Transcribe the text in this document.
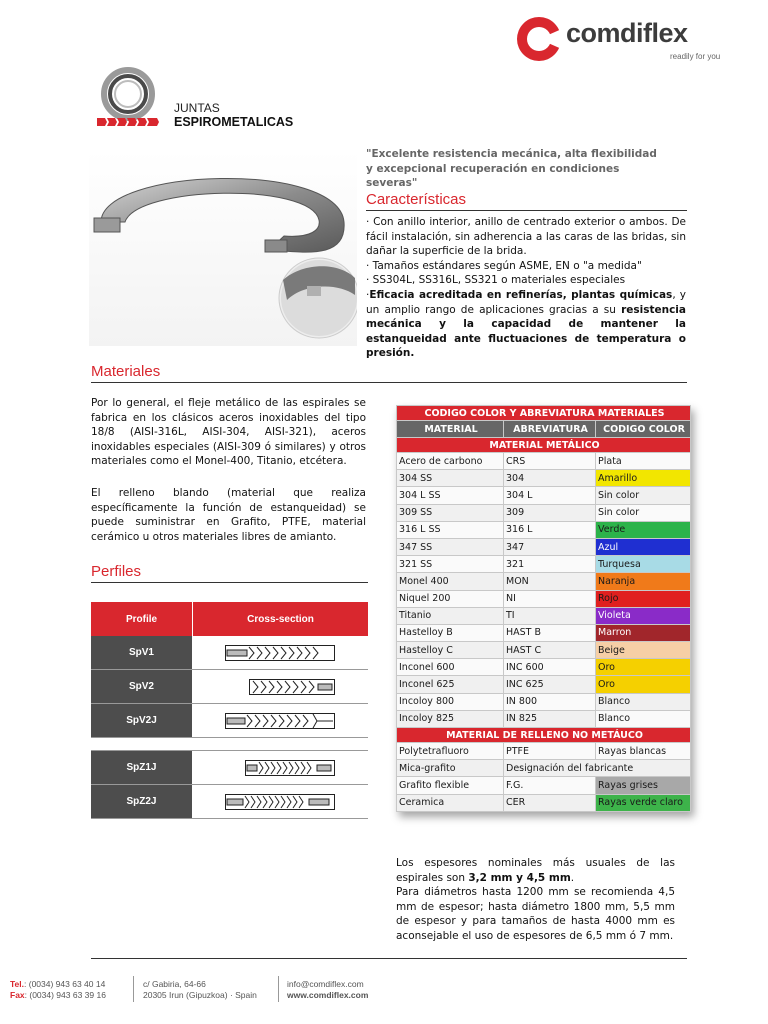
comdiflex
readily for you
JUNTAS
ESPIROMETALICAS
"Excelente resistencia mecánica, alta flexibilidad y excepcional recuperación en condiciones severas"
Características

· Con anillo interior, anillo de centrado exterior o ambos. De fácil instalación, sin adherencia a las caras de las bridas, sin dañar la superficie de la brida.

· Tamaños estándares según ASME, EN o "a medida"

· SS304L, SS316L, SS321 o materiales especiales

·Eficacia acreditada en refinerías, plantas químicas, y un amplio rango de aplicaciones gracias a su resistencia mecánica y la capacidad de mantener la estanqueidad ante fluctuaciones de temperatura o presión.

Materiales
Por lo general, el fleje metálico de las espirales se fabrica en los clásicos aceros inoxidables del tipo 18/8 (AISI-316L, AISI-304, AISI-321), aceros inoxidables especiales (AISI-309 ó similares) y otros materiales como el Monel-400, Titanio, etcétera.
El relleno blando (material que realiza específicamente la función de estanqueidad) se puede suministrar en Grafito, PTFE, material cerámico u otros materiales libres de amianto.
Perfiles
Profile	Cross-section
SpV1
SpV2
SpV2J
SpZ1J
SpZ2J
CODIGO COLOR Y ABREVIATURA MATERIALES		
MATERIAL	ABREVIATURA	CODIGO COLOR
MATERIAL METÁLICO		
Acero de carbono	CRS	Plata
304 SS	304	Amarillo
304 L SS	304 L	Sin color
309 SS	309	Sin color
316 L SS	316 L	Verde
347 SS	347	Azul
321 SS	321	Turquesa
Monel 400	MON	Naranja
Niquel 200	NI	Rojo
Titanio	TI	Violeta
Hastelloy B	HAST B	Marron
Hastelloy C	HAST C	Beige
Inconel 600	INC 600	Oro
Inconel 625	INC 625	Oro
Incoloy 800	IN 800	Blanco
Incoloy 825	IN 825	Blanco
MATERIAL DE RELLENO NO METÁUCO		
Polytetrafluoro	PTFE	Rayas blancas
Mica-grafito	Designación del fabricante	
Grafito flexible	F.G.	Rayas grises
Ceramica	CER	Rayas verde claro
Los espesores nominales más usuales de las espirales son 3,2 mm y 4,5 mm.
Para diámetros hasta 1200 mm se recomienda 4,5 mm de espesor; hasta diámetro 1800 mm, 5,5 mm de espesor y para tamaños de hasta 4000 mm es aconsejable el uso de espesores de 6,5 mm ó 7 mm.
Tel.: (0034) 943 63 40 14
Fax: (0034) 943 63 39 16
c/ Gabiria, 64-66
20305 Irun (Gipuzkoa) · Spain
info@comdiflex.com
www.comdiflex.com
